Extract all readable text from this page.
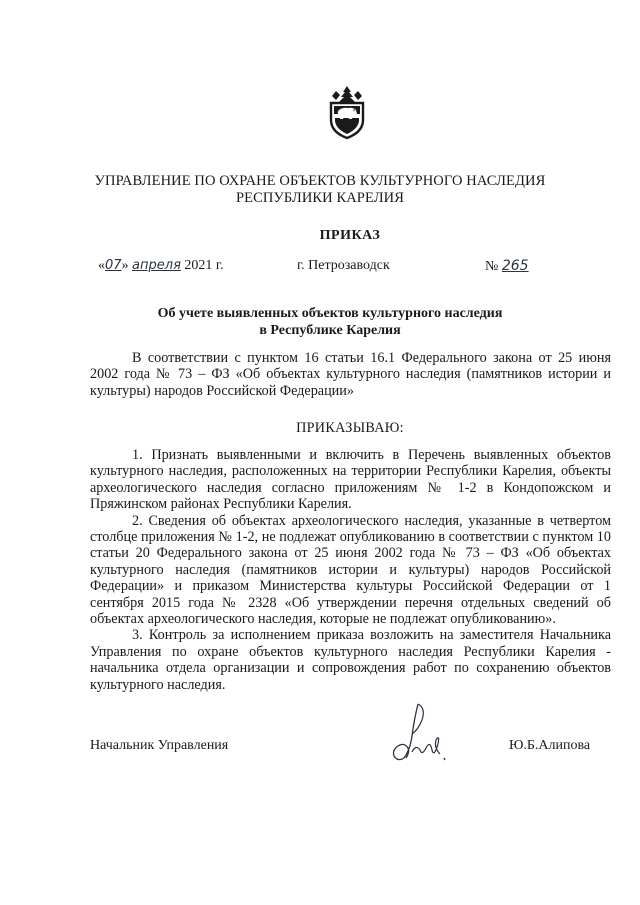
УПРАВЛЕНИЕ ПО ОХРАНЕ ОБЪЕКТОВ КУЛЬТУРНОГО НАСЛЕДИЯ
РЕСПУБЛИКИ КАРЕЛИЯ
ПРИКАЗ
«07» апреля 2021 г.	г. Петрозаводск	№ 265
Об учете выявленных объектов культурного наследия
в Республике Карелия
В соответствии с пунктом 16 статьи 16.1 Федерального закона от 25 июня 2002 года № 73 – ФЗ «Об объектах культурного наследия (памятников истории и культуры) народов Российской Федерации»
ПРИКАЗЫВАЮ:

1. Признать выявленными и включить в Перечень выявленных объектов культурного наследия, расположенных на территории Республики Карелия, объекты археологического наследия согласно приложениям № 1-2 в Кондопожском и Пряжинском районах Республики Карелия.

2. Сведения об объектах археологического наследия, указанные в четвертом столбце приложения № 1-2, не подлежат опубликованию в соответствии с пунктом 10 статьи 20 Федерального закона от 25 июня 2002 года № 73 – ФЗ «Об объектах культурного наследия (памятников истории и культуры) народов Российской Федерации» и приказом Министерства культуры Российской Федерации от 1 сентября 2015 года № 2328 «Об утверждении перечня отдельных сведений об объектах археологического наследия, которые не подлежат опубликованию».

3. Контроль за исполнением приказа возложить на заместителя Начальника Управления по охране объектов культурного наследия Республики Карелия - начальника отдела организации и сопровождения работ по сохранению объектов культурного наследия.

Начальник Управления	Ю.Б.Алипова
